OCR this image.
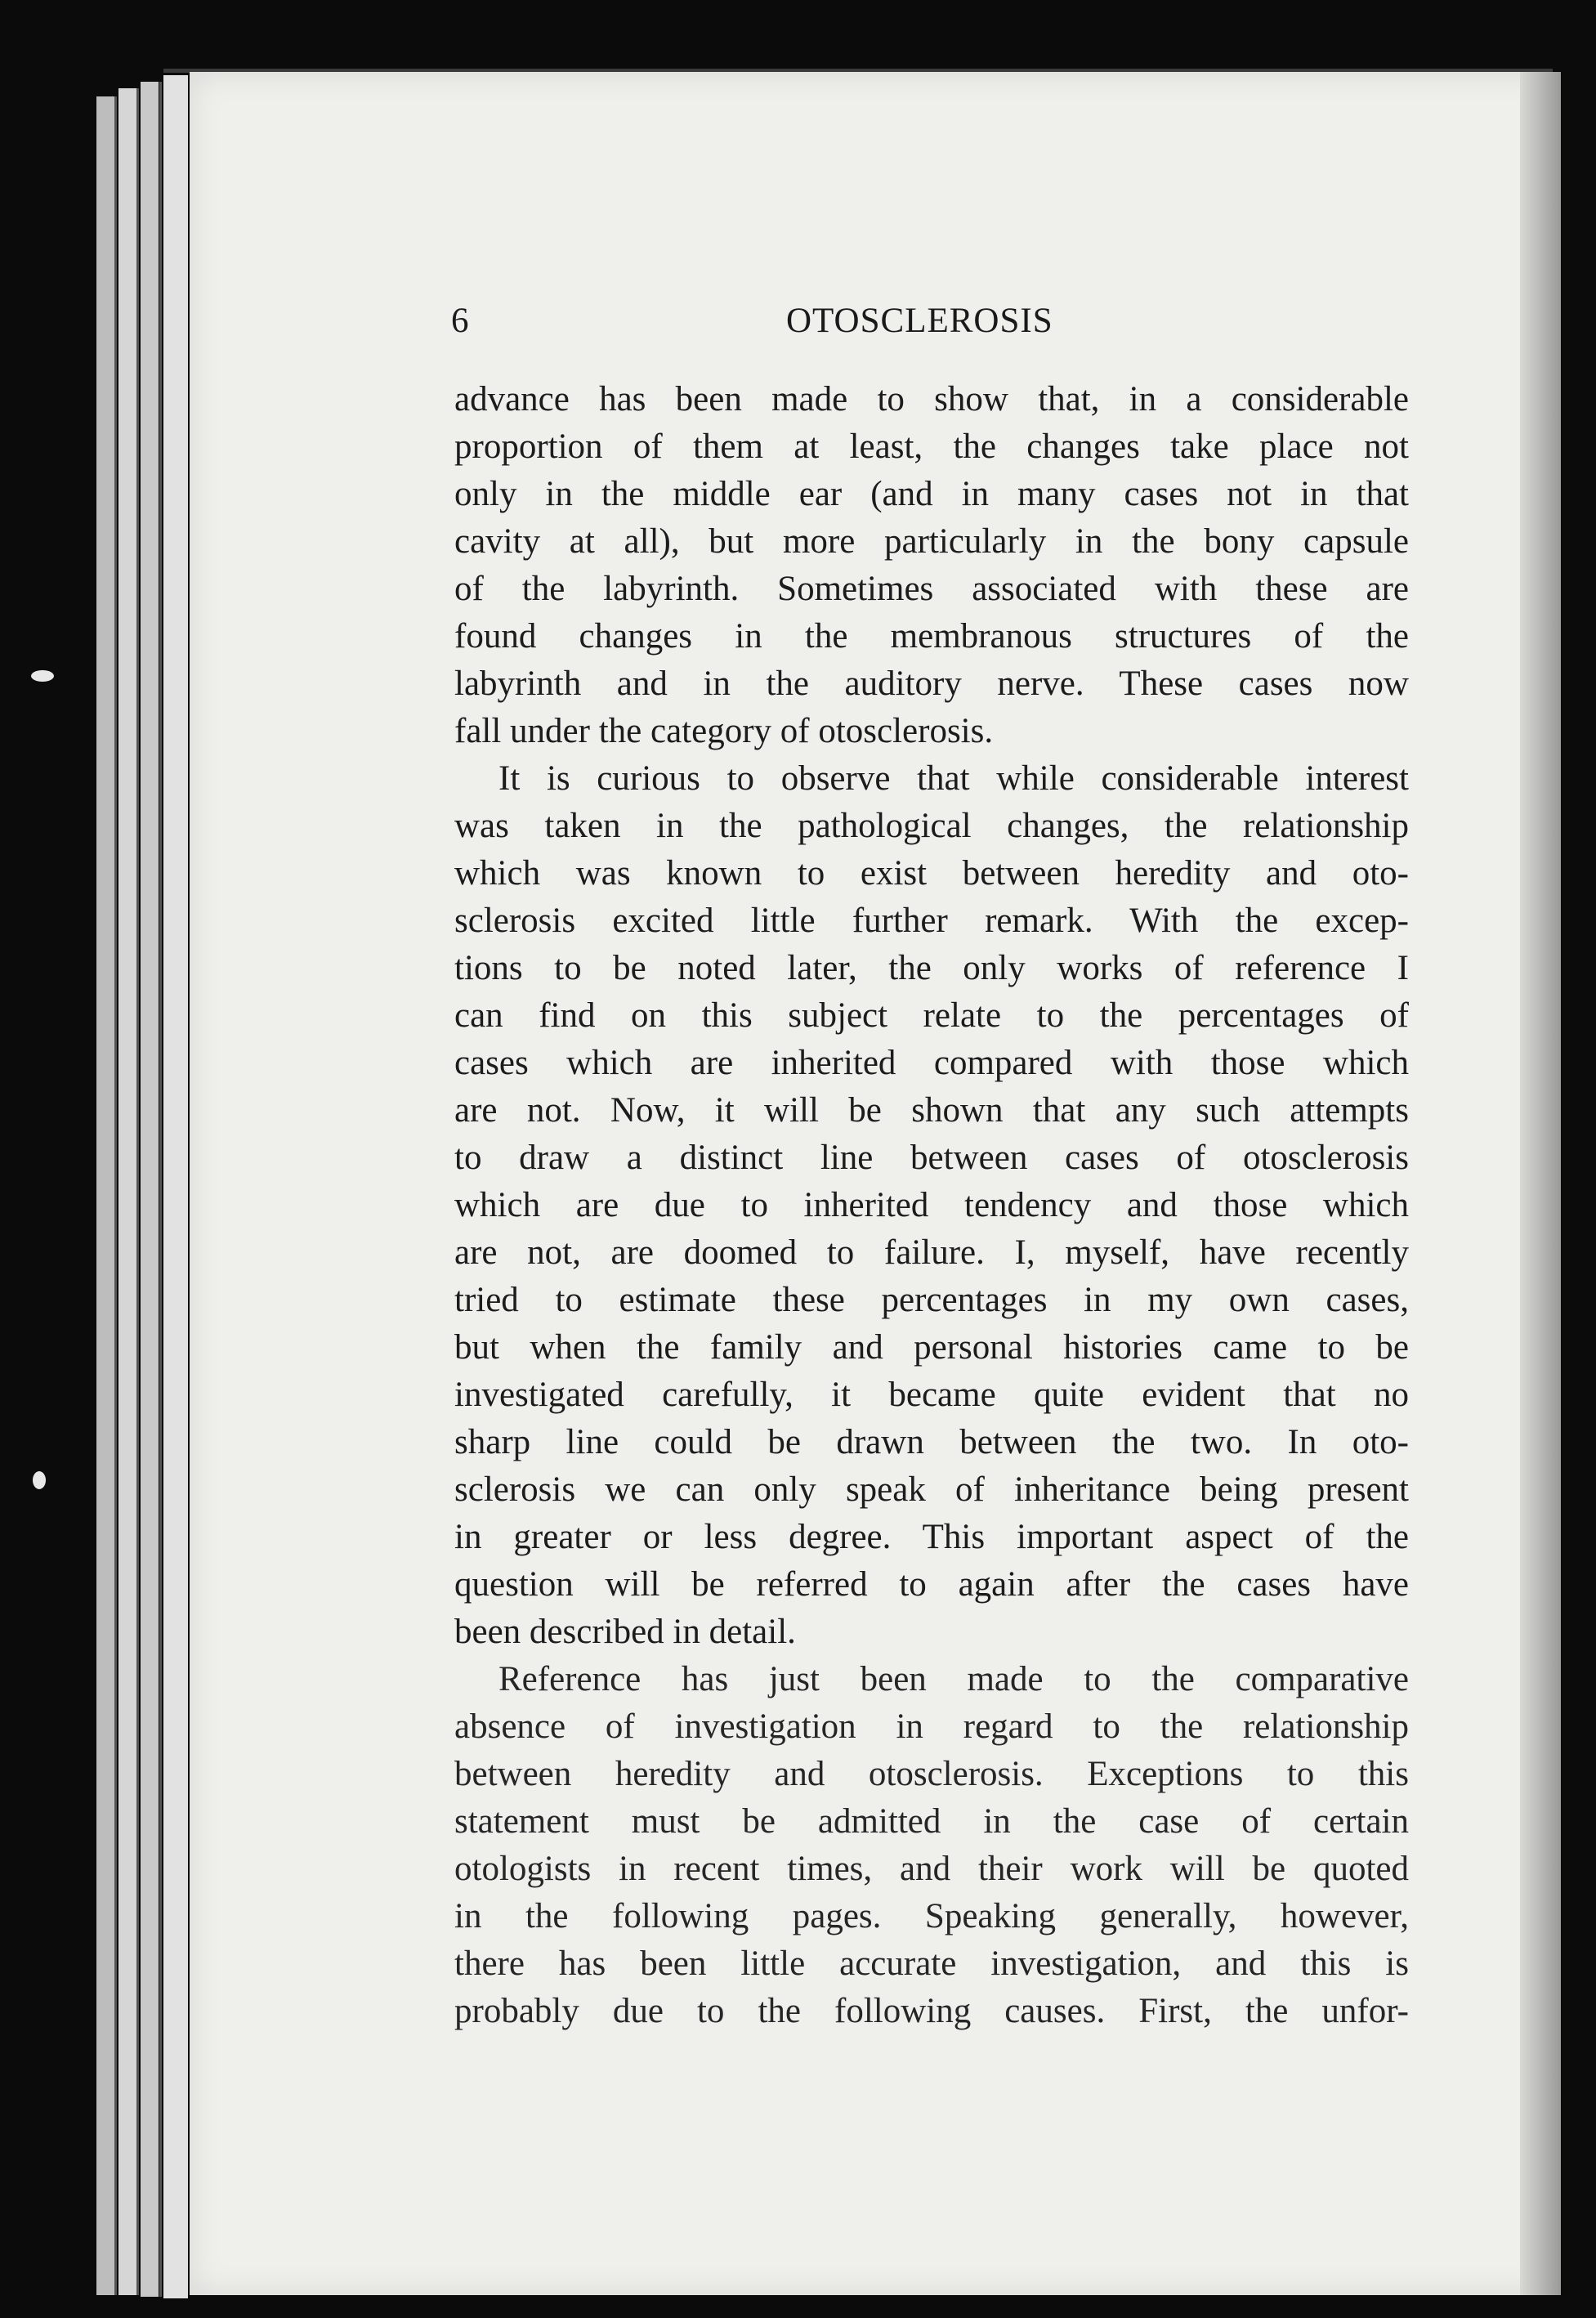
6	OTOSCLEROSIS
advance has been made to show that, in a considerable
proportion of them at least, the changes take place not
only in the middle ear (and in many cases not in that
cavity at all), but more particularly in the bony capsule
of the labyrinth. Sometimes associated with these are
found changes in the membranous structures of the
labyrinth and in the auditory nerve. These cases now
fall under the category of otosclerosis.
It is curious to observe that while considerable interest
was taken in the pathological changes, the relationship
which was known to exist between heredity and oto-
sclerosis excited little further remark. With the excep-
tions to be noted later, the only works of reference I
can find on this subject relate to the percentages of
cases which are inherited compared with those which
are not. Now, it will be shown that any such attempts
to draw a distinct line between cases of otosclerosis
which are due to inherited tendency and those which
are not, are doomed to failure. I, myself, have recently
tried to estimate these percentages in my own cases,
but when the family and personal histories came to be
investigated carefully, it became quite evident that no
sharp line could be drawn between the two. In oto-
sclerosis we can only speak of inheritance being present
in greater or less degree. This important aspect of the
question will be referred to again after the cases have
been described in detail.
Reference has just been made to the comparative
absence of investigation in regard to the relationship
between heredity and otosclerosis. Exceptions to this
statement must be admitted in the case of certain
otologists in recent times, and their work will be quoted
in the following pages. Speaking generally, however,
there has been little accurate investigation, and this is
probably due to the following causes. First, the unfor-
